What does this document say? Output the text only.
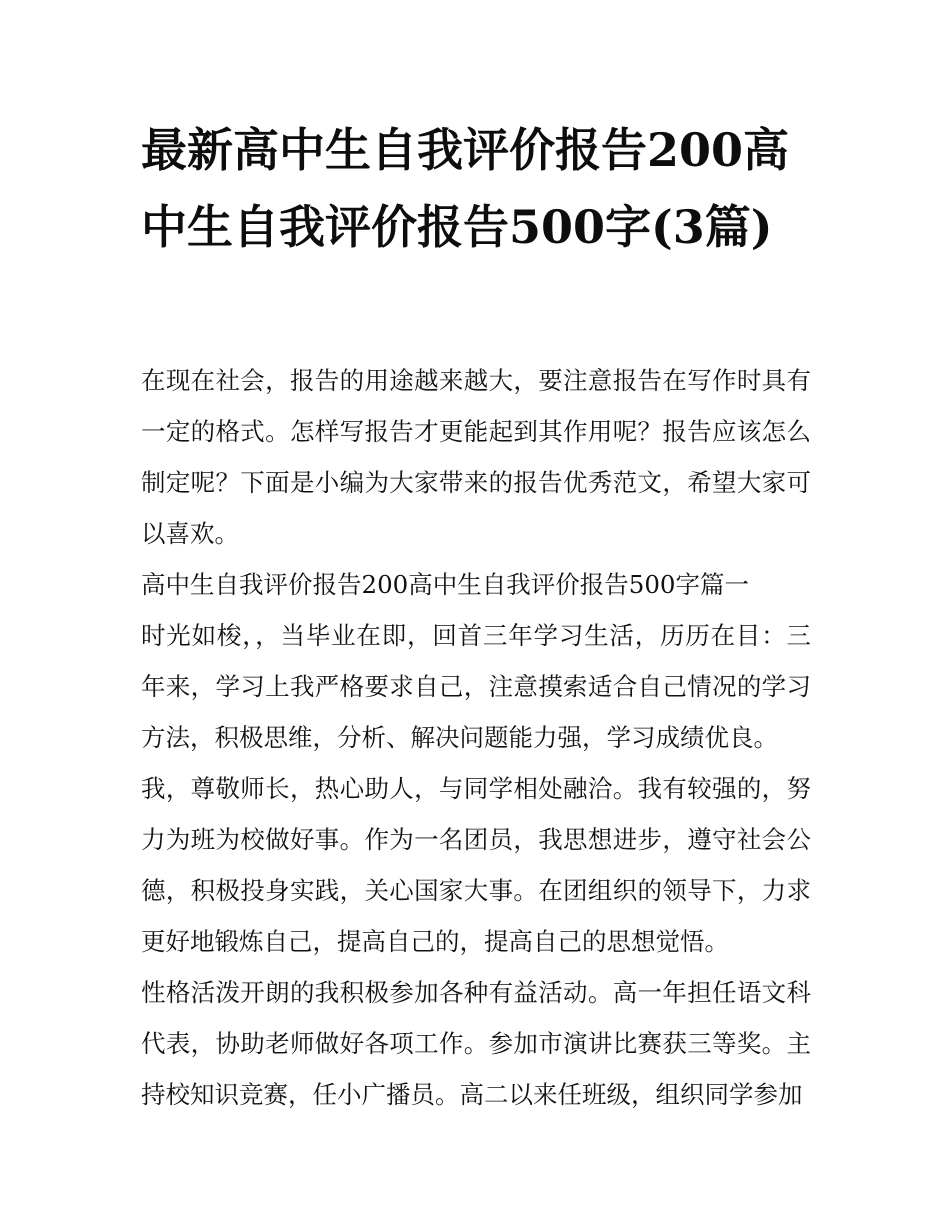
最新高中生自我评价报告200高中生自我评价报告500字(3篇)

在现在社会，报告的用途越来越大，要注意报告在写作时具有一定的格式。怎样写报告才更能起到其作用呢？报告应该怎么制定呢？下面是小编为大家带来的报告优秀范文，希望大家可以喜欢。

高中生自我评价报告200高中生自我评价报告500字篇一

时光如梭，，当毕业在即，回首三年学习生活，历历在目：三年来，学习上我严格要求自己，注意摸索适合自己情况的学习方法，积极思维，分析、解决问题能力强，学习成绩优良。

我，尊敬师长，热心助人，与同学相处融洽。我有较强的，努力为班为校做好事。作为一名团员，我思想进步，遵守社会公德，积极投身实践，关心国家大事。在团组织的领导下，力求更好地锻炼自己，提高自己的，提高自己的思想觉悟。

性格活泼开朗的我积极参加各种有益活动。高一年担任语文科代表，协助老师做好各项工作。参加市演讲比赛获三等奖。主持校知识竞赛，任小广播员。高二以来任班级，组织同学参加
